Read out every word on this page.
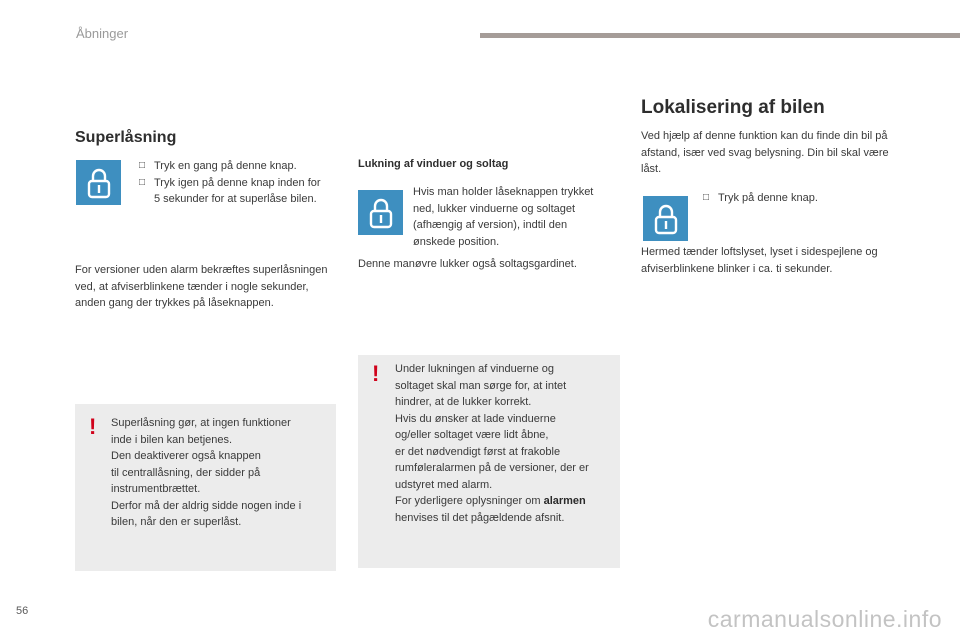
Åbninger
Superlåsning
□ Tryk en gang på denne knap.
□ Tryk igen på denne knap inden for 5 sekunder for at superlåse bilen.
For versioner uden alarm bekræftes superlåsningen ved, at afviserblinkene tænder i nogle sekunder, anden gang der trykkes på låseknappen.
! Superlåsning gør, at ingen funktioner
inde i bilen kan betjenes.
Den deaktiverer også knappen
til centrallåsning, der sidder på
instrumentbrættet.
Derfor må der aldrig sidde nogen inde i
bilen, når den er superlåst.
Lukning af vinduer og soltag
Hvis man holder låseknappen trykket
ned, lukker vinduerne og soltaget
(afhængig af version), indtil den
ønskede position.
Denne manøvre lukker også soltagsgardinet.
! Under lukningen af vinduerne og
soltaget skal man sørge for, at intet
hindrer, at de lukker korrekt.
Hvis du ønsker at lade vinduerne
og/eller soltaget være lidt åbne,
er det nødvendigt først at frakoble
rumføleralarmen på de versioner, der er
udstyret med alarm.
For yderligere oplysninger om alarmen
henvises til det pågældende afsnit.
Lokalisering af bilen
Ved hjælp af denne funktion kan du finde din bil på afstand, især ved svag belysning. Din bil skal være låst.
□ Tryk på denne knap.
Hermed tænder loftslyset, lyset i sidespejlene og afviserblinkene blinker i ca. ti sekunder.
56	carmanualsonline.info
